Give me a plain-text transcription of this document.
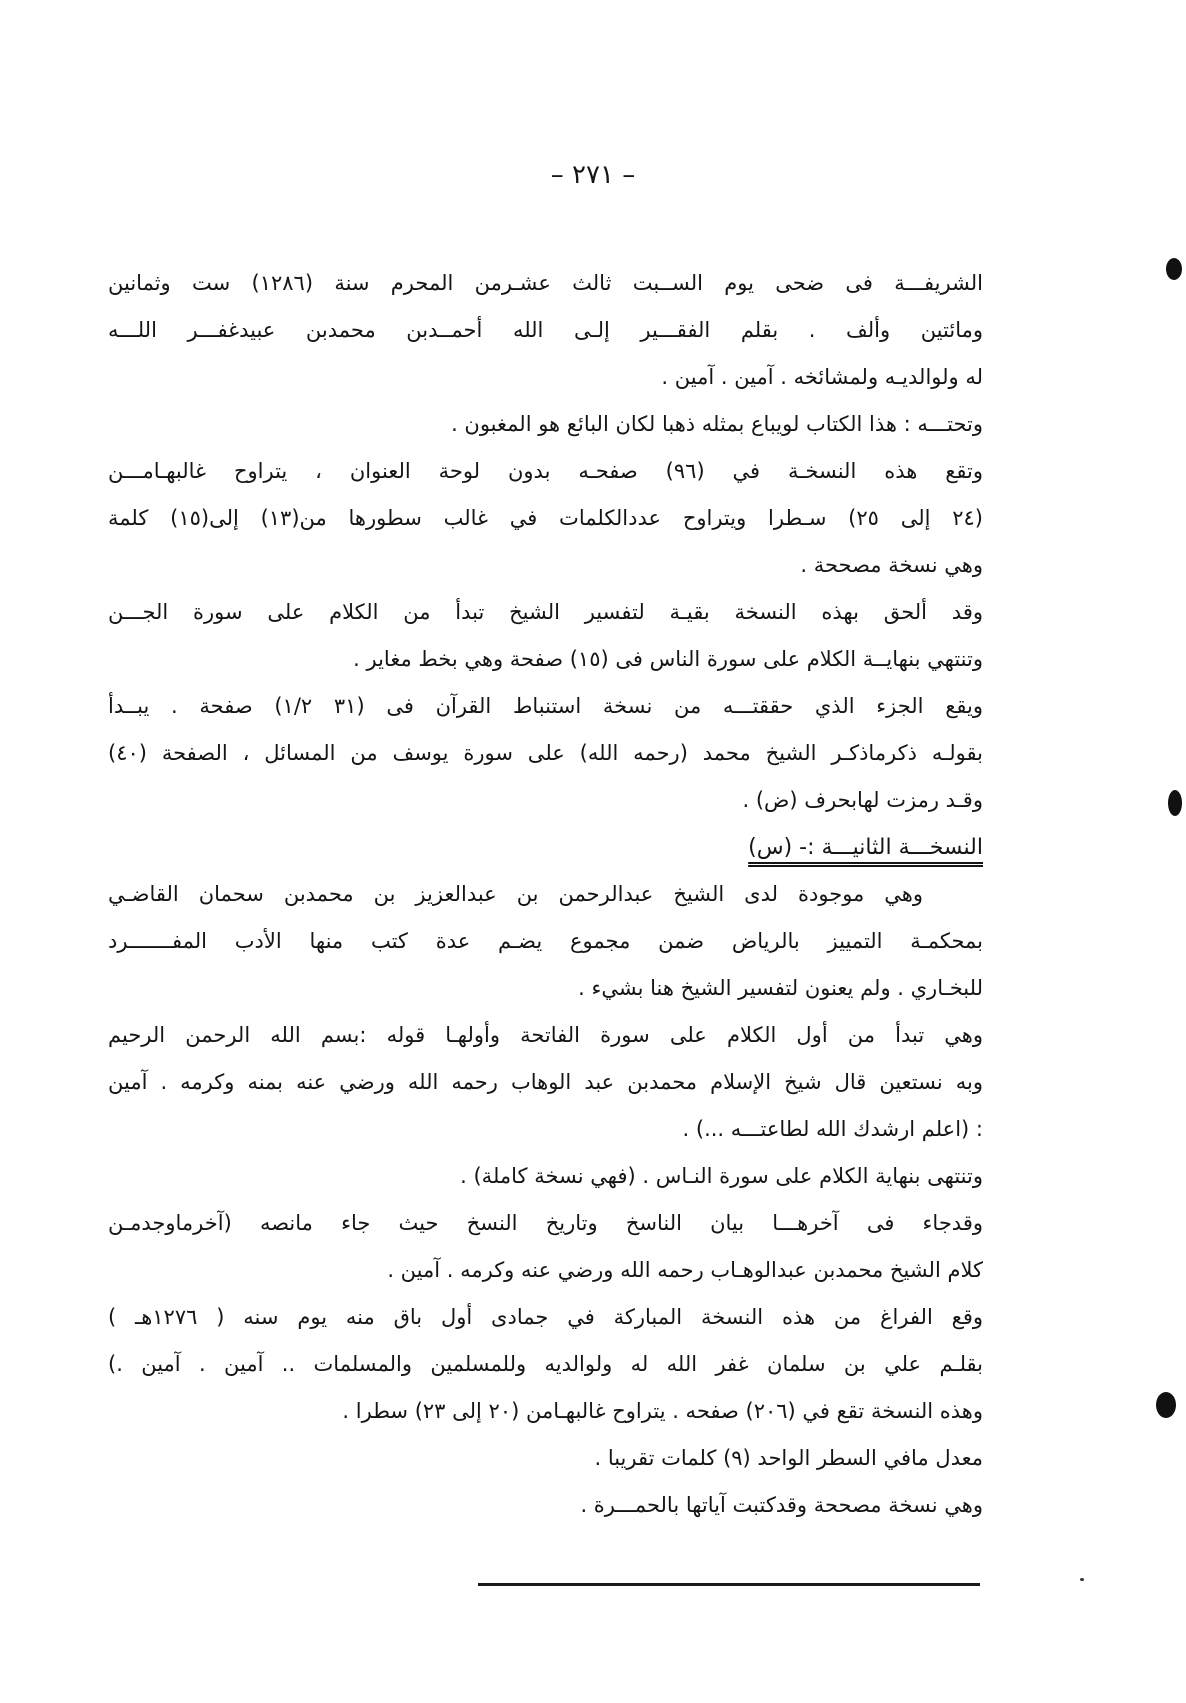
– ٢٧١ –
الشريفـــة فى ضحى يوم الســبت ثالث عشـرمن المحرم سنة (١٢٨٦) ست وثمانين
ومائتين وألف . بقلم الفقـــير إلـى الله أحمــدبن محمدبن عبيدغفـــر اللـــه
له ولوالديـه ولمشائخه . آمين . آمين .
وتحتـــه : هذا الكتاب لويباع بمثله ذهبا لكان البائع هو المغبون .
وتقع هذه النسخـة في (٩٦) صفحـه بدون لوحة العنوان ، يتراوح غالبهـامـــن
(٢٤ إلى ٢٥) سـطرا ويتراوح عددالكلمات في غالب سطورها من(١٣) إلى(١٥) كلمة
وهي نسخة مصححة .
وقد ألحق بهذه النسخة بقيـة لتفسير الشيخ تبدأ من الكلام على سورة الجـــن
وتنتهي بنهايــة الكلام على سورة الناس فى (١٥) صفحة وهي بخط مغاير .
ويقع الجزء الذي حققتـــه من نسخة استنباط القرآن فى (٣١ ١/٢) صفحة . يبــدأ
بقولـه ذكرماذكـر الشيخ محمد (رحمه الله) على سورة يوسف من المسائل ، الصفحة (٤٠)
وقـد رمزت لهابحرف (ض) .
النسخـــة الثانيـــة :- (س)
وهي موجودة لدى الشيخ عبدالرحمن بن عبدالعزيز بن محمدبن سحمان القاضـي
بمحكمـة التمييز بالرياض ضمن مجموع يضـم عدة كتب منها الأدب المفـــــــرد
للبخـاري . ولم يعنون لتفسير الشيخ هنا بشيء .
وهي تبدأ من أول الكلام على سورة الفاتحة وأولهـا قوله :بسم الله الرحمن الرحيم
وبه نستعين قال شيخ الإسلام محمدبن عبد الوهاب رحمه الله ورضي عنه بمنه وكرمه . آمين
: (اعلم ارشدك الله لطاعتـــه ...) .
وتنتهى بنهاية الكلام على سورة النـاس . (فهي نسخة كاملة) .
وقدجاء فى آخرهـــا بيان الناسخ وتاريخ النسخ حيث جاء مانصه (آخرماوجدمـن
كلام الشيخ محمدبن عبدالوهـاب رحمه الله ورضي عنه وكرمه . آمين .
وقع الفراغ من هذه النسخة المباركة في جمادى أول باق منه يوم سنه ( ١٢٧٦هـ )
بقلـم علي بن سلمان غفر الله له ولوالديه وللمسلمين والمسلمات .. آمين . آمين .)
وهذه النسخة تقع في (٢٠٦) صفحه . يتراوح غالبهـامن (٢٠ إلى ٢٣) سطرا .
معدل مافي السطر الواحد (٩) كلمات تقريبا .
وهي نسخة مصححة وقدكتبت آياتها بالحمـــرة .
